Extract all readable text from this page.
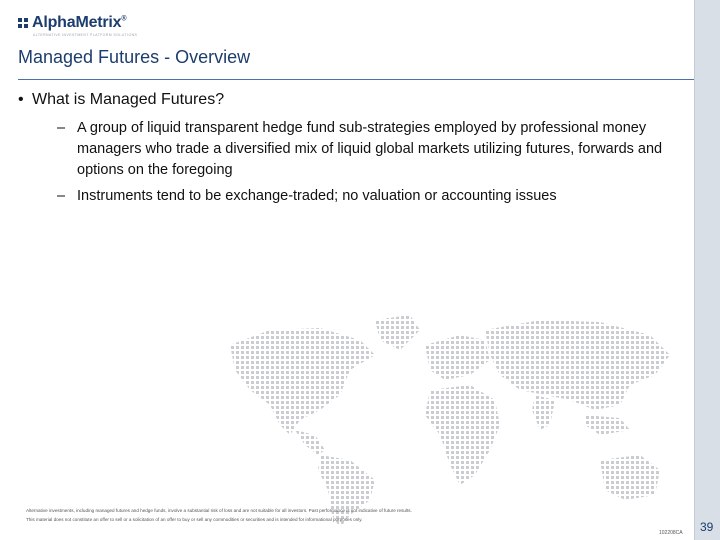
AlphaMetrix®
ALTERNATIVE INVESTMENT PLATFORM SOLUTIONS
Managed Futures - Overview
• What is Managed Futures?
– A group of liquid transparent hedge fund sub-strategies employed by professional money managers who trade a diversified mix of liquid global markets utilizing futures, forwards and options on the foregoing
– Instruments tend to be exchange-traded; no valuation or accounting issues
Alternative investments, including managed futures and hedge funds, involve a substantial risk of loss and are not suitable for all investors. Past performance is not indicative of future results.
This material does not constitute an offer to sell or a solicitation of an offer to buy or sell any commodities or securities and is intended for informational purposes only.
102208CA 39
